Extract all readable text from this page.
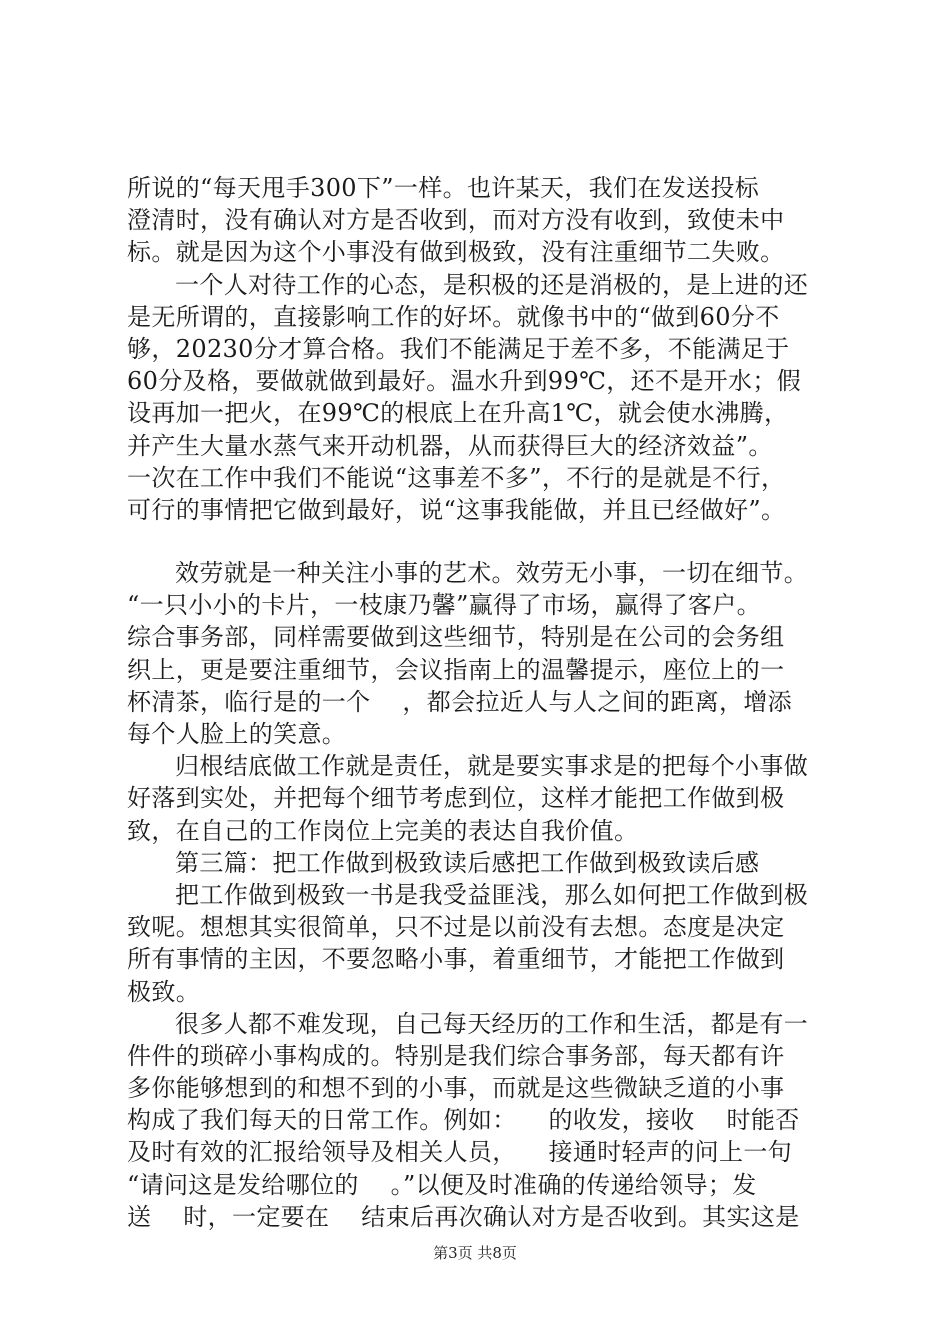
所说的“每天甩手300下”一样。也许某天，我们在发送投标
澄清时，没有确认对方是否收到，而对方没有收到，致使未中
标。就是因为这个小事没有做到极致，没有注重细节二失败。
一个人对待工作的心态，是积极的还是消极的，是上进的还
是无所谓的，直接影响工作的好坏。就像书中的“做到60分不
够，20230分才算合格。我们不能满足于差不多，不能满足于
60分及格，要做就做到最好。温水升到99℃，还不是开水；假
设再加一把火，在99℃的根底上在升高1℃，就会使水沸腾，
并产生大量水蒸气来开动机器，从而获得巨大的经济效益”。
一次在工作中我们不能说“这事差不多”，不行的是就是不行，
可行的事情把它做到最好，说“这事我能做，并且已经做好”。
效劳就是一种关注小事的艺术。效劳无小事，一切在细节。
“一只小小的卡片，一枝康乃馨”赢得了市场，赢得了客户。
综合事务部，同样需要做到这些细节，特别是在公司的会务组
织上，更是要注重细节，会议指南上的温馨提示，座位上的一
杯清茶，临行是的一个    ，都会拉近人与人之间的距离，增添
每个人脸上的笑意。
归根结底做工作就是责任，就是要实事求是的把每个小事做
好落到实处，并把每个细节考虑到位，这样才能把工作做到极
致，在自己的工作岗位上完美的表达自我价值。
第三篇：把工作做到极致读后感把工作做到极致读后感
把工作做到极致一书是我受益匪浅，那么如何把工作做到极
致呢。想想其实很简单，只不过是以前没有去想。态度是决定
所有事情的主因，不要忽略小事，着重细节，才能把工作做到
极致。
很多人都不难发现，自己每天经历的工作和生活，都是有一
件件的琐碎小事构成的。特别是我们综合事务部，每天都有许
多你能够想到的和想不到的小事，而就是这些微缺乏道的小事
构成了我们每天的日常工作。例如：    的收发，接收    时能否
及时有效的汇报给领导及相关人员，    接通时轻声的问上一句
“请问这是发给哪位的    。”以便及时准确的传递给领导；发
送    时，一定要在    结束后再次确认对方是否收到。其实这是
第3页 共8页
